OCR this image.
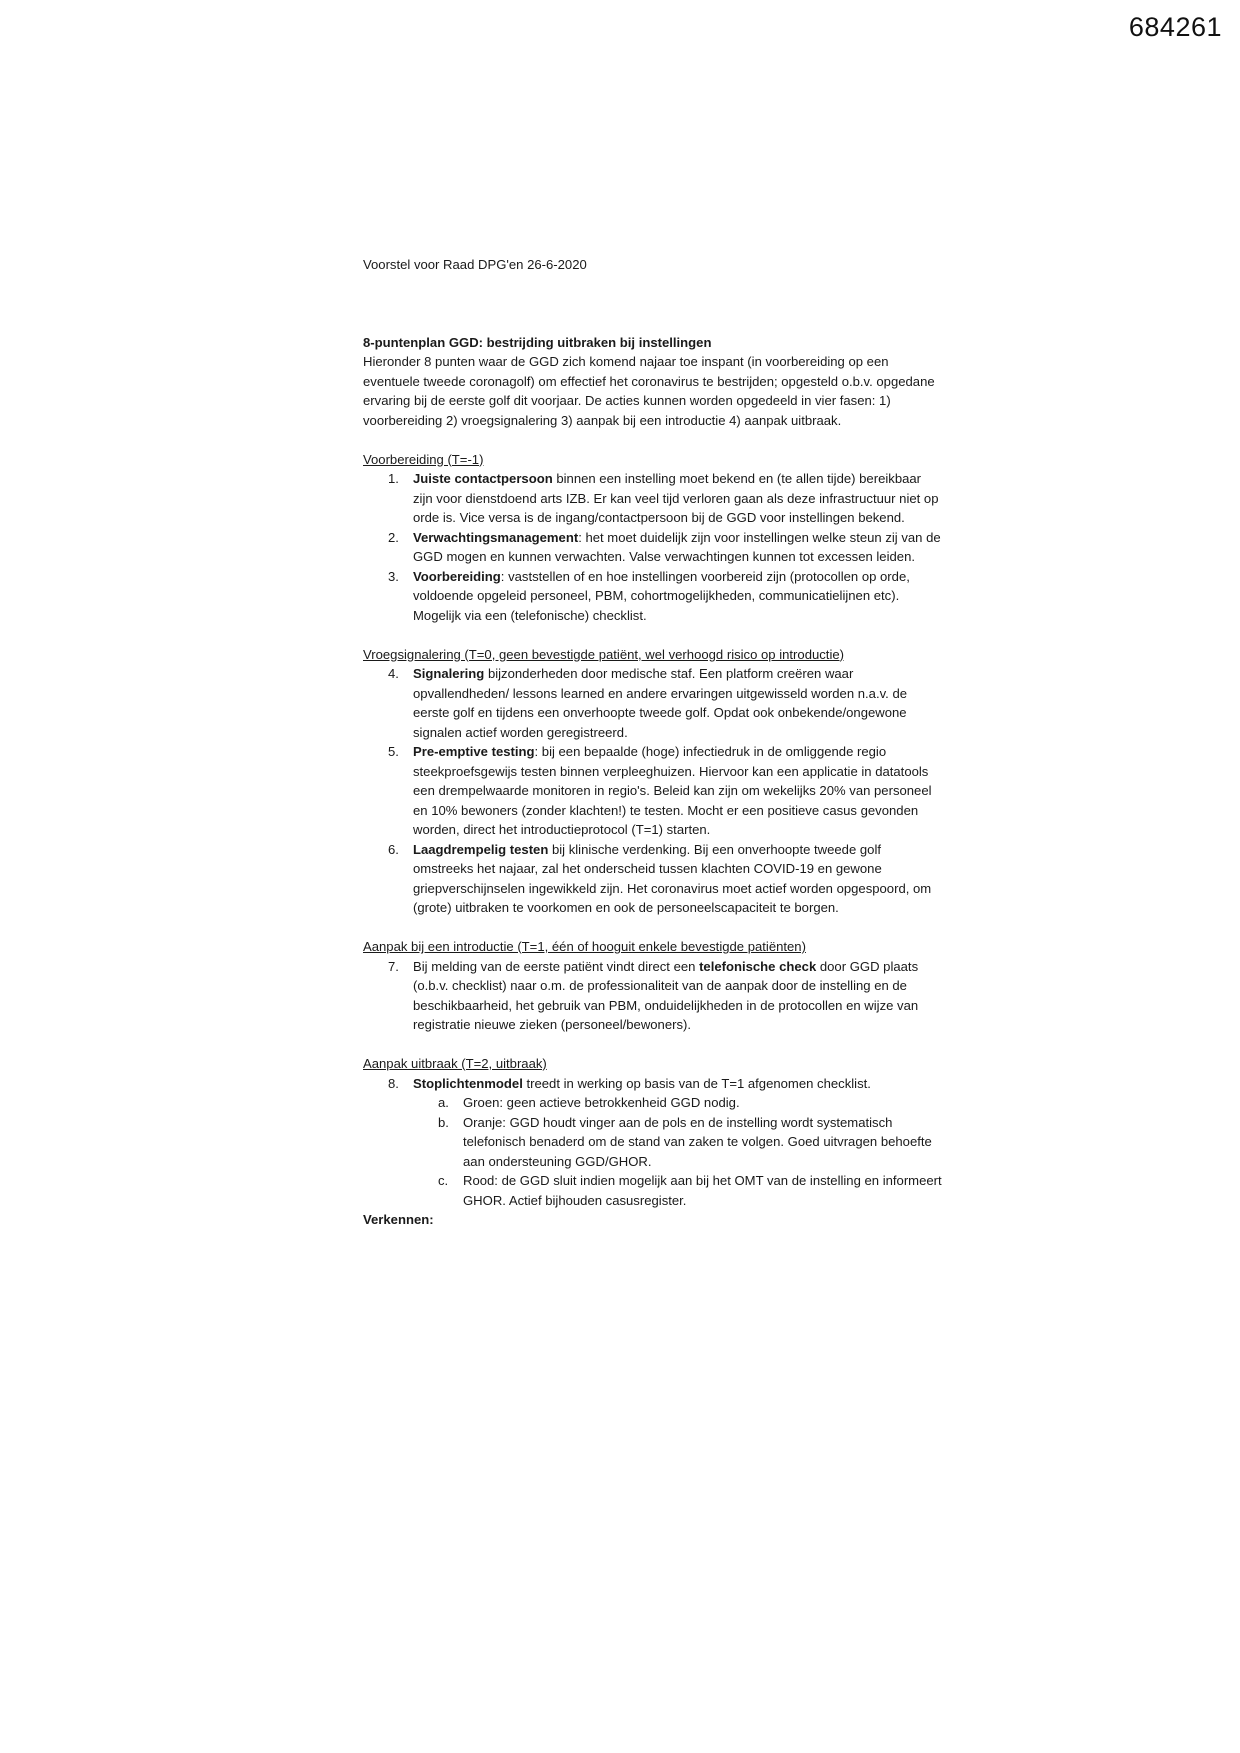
684261

Voorstel voor Raad DPG'en 26-6-2020

8-puntenplan GGD: bestrijding uitbraken bij instellingen

Hieronder 8 punten waar de GGD zich komend najaar toe inspant (in voorbereiding op een eventuele tweede coronagolf) om effectief het coronavirus te bestrijden; opgesteld o.b.v. opgedane ervaring bij de eerste golf dit voorjaar. De acties kunnen worden opgedeeld in vier fasen: 1) voorbereiding 2) vroegsignalering 3) aanpak bij een introductie 4) aanpak uitbraak.

Voorbereiding (T=-1)

1.	Juiste contactpersoon binnen een instelling moet bekend en (te allen tijde) bereikbaar zijn voor dienstdoend arts IZB. Er kan veel tijd verloren gaan als deze infrastructuur niet op orde is. Vice versa is de ingang/contactpersoon bij de GGD voor instellingen bekend.
2.	Verwachtingsmanagement: het moet duidelijk zijn voor instellingen welke steun zij van de GGD mogen en kunnen verwachten. Valse verwachtingen kunnen tot excessen leiden.
3.	Voorbereiding: vaststellen of en hoe instellingen voorbereid zijn (protocollen op orde, voldoende opgeleid personeel, PBM, cohortmogelijkheden, communicatielijnen etc). Mogelijk via een (telefonische) checklist.

Vroegsignalering (T=0, geen bevestigde patiënt, wel verhoogd risico op introductie)

4.	Signalering bijzonderheden door medische staf. Een platform creëren waar opvallendheden/ lessons learned en andere ervaringen uitgewisseld worden n.a.v. de eerste golf en tijdens een onverhoopte tweede golf. Opdat ook onbekende/ongewone signalen actief worden geregistreerd.
5.	Pre-emptive testing: bij een bepaalde (hoge) infectiedruk in de omliggende regio steekproefsgewijs testen binnen verpleeghuizen. Hiervoor kan een applicatie in datatools een drempelwaarde monitoren in regio's. Beleid kan zijn om wekelijks 20% van personeel en 10% bewoners (zonder klachten!) te testen. Mocht er een positieve casus gevonden worden, direct het introductieprotocol (T=1) starten.
6.	Laagdrempelig testen bij klinische verdenking. Bij een onverhoopte tweede golf omstreeks het najaar, zal het onderscheid tussen klachten COVID-19 en gewone griepverschijnselen ingewikkeld zijn. Het coronavirus moet actief worden opgespoord, om (grote) uitbraken te voorkomen en ook de personeelscapaciteit te borgen.

Aanpak bij een introductie (T=1, één of hooguit enkele bevestigde patiënten)

7.	Bij melding van de eerste patiënt vindt direct een telefonische check door GGD plaats (o.b.v. checklist) naar o.m. de professionaliteit van de aanpak door de instelling en de beschikbaarheid, het gebruik van PBM, onduidelijkheden in de protocollen en wijze van registratie nieuwe zieken (personeel/bewoners).

Aanpak uitbraak (T=2, uitbraak)

8.	Stoplichtenmodel treedt in werking op basis van de T=1 afgenomen checklist.
a. Groen: geen actieve betrokkenheid GGD nodig.
b. Oranje: GGD houdt vinger aan de pols en de instelling wordt systematisch telefonisch benaderd om de stand van zaken te volgen. Goed uitvragen behoefte aan ondersteuning GGD/GHOR.
c. Rood: de GGD sluit indien mogelijk aan bij het OMT van de instelling en informeert GHOR. Actief bijhouden casusregister.

Verkennen:
